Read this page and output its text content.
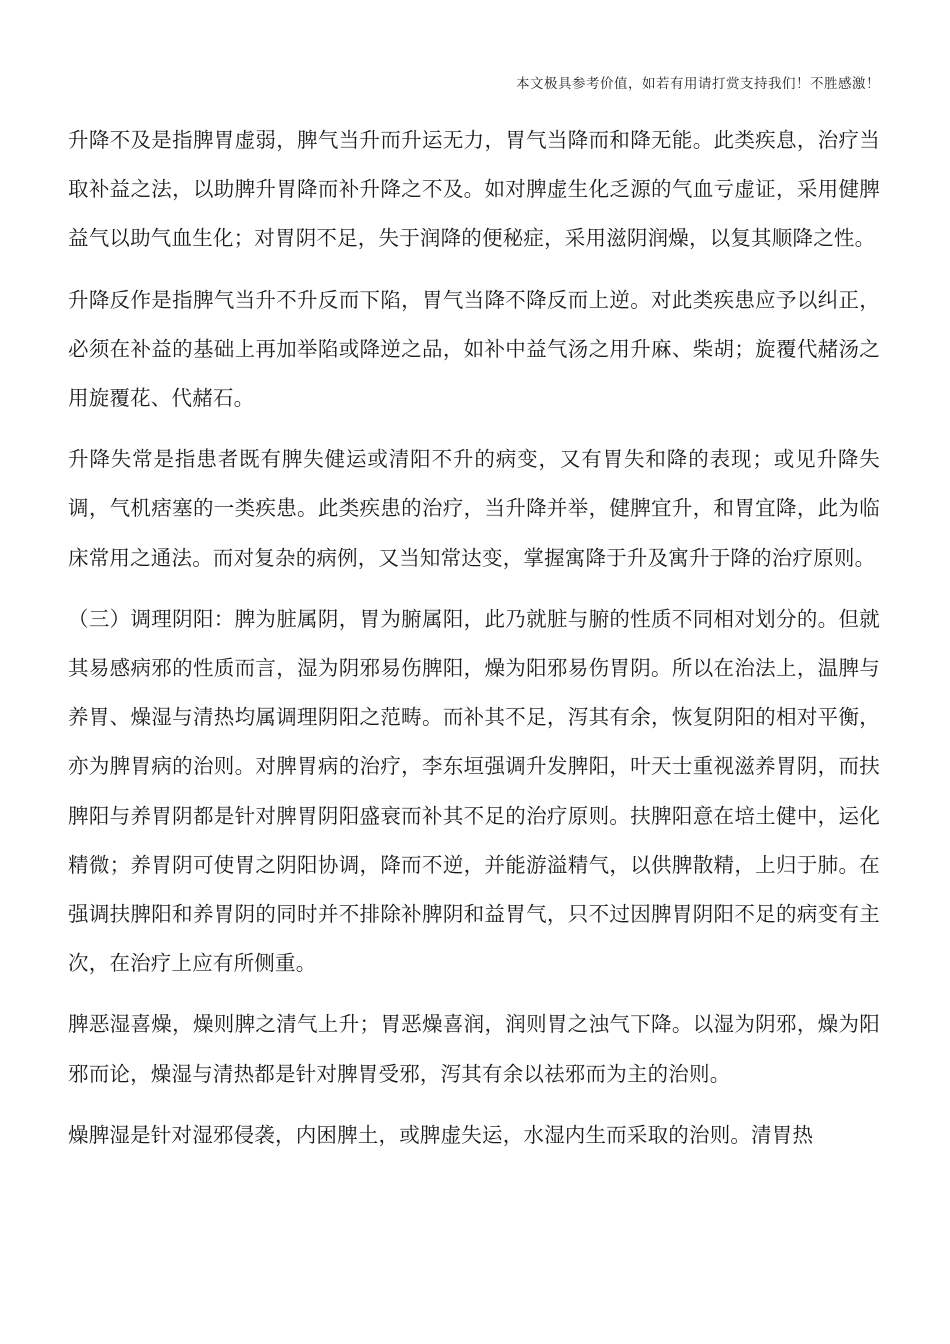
本文极具参考价值，如若有用请打赏支持我们！不胜感激！

升降不及是指脾胃虚弱，脾气当升而升运无力，胃气当降而和降无能。此类疾息，治疗当取补益之法，以助脾升胃降而补升降之不及。如对脾虚生化乏源的气血亏虚证，采用健脾益气以助气血生化；对胃阴不足，失于润降的便秘症，采用滋阴润燥，以复其顺降之性。

升降反作是指脾气当升不升反而下陷，胃气当降不降反而上逆。对此类疾患应予以纠正，必须在补益的基础上再加举陷或降逆之品，如补中益气汤之用升麻、柴胡；旋覆代赭汤之用旋覆花、代赭石。

升降失常是指患者既有脾失健运或清阳不升的病变，又有胃失和降的表现；或见升降失调，气机痞塞的一类疾患。此类疾患的治疗，当升降并举，健脾宜升，和胃宜降，此为临床常用之通法。而对复杂的病例，又当知常达变，掌握寓降于升及寓升于降的治疗原则。

（三）调理阴阳：脾为脏属阴，胃为腑属阳，此乃就脏与腑的性质不同相对划分的。但就其易感病邪的性质而言，湿为阴邪易伤脾阳，燥为阳邪易伤胃阴。所以在治法上，温脾与养胃、燥湿与清热均属调理阴阳之范畴。而补其不足，泻其有余，恢复阴阳的相对平衡，亦为脾胃病的治则。对脾胃病的治疗，李东垣强调升发脾阳，叶天士重视滋养胃阴，而扶脾阳与养胃阴都是针对脾胃阴阳盛衰而补其不足的治疗原则。扶脾阳意在培土健中，运化精微；养胃阴可使胃之阴阳协调，降而不逆，并能游溢精气，以供脾散精，上归于肺。在强调扶脾阳和养胃阴的同时并不排除补脾阴和益胃气，只不过因脾胃阴阳不足的病变有主次，在治疗上应有所侧重。

脾恶湿喜燥，燥则脾之清气上升；胃恶燥喜润，润则胃之浊气下降。以湿为阴邪，燥为阳邪而论，燥湿与清热都是针对脾胃受邪，泻其有余以祛邪而为主的治则。

燥脾湿是针对湿邪侵袭，内困脾土，或脾虚失运，水湿内生而采取的治则。清胃热
